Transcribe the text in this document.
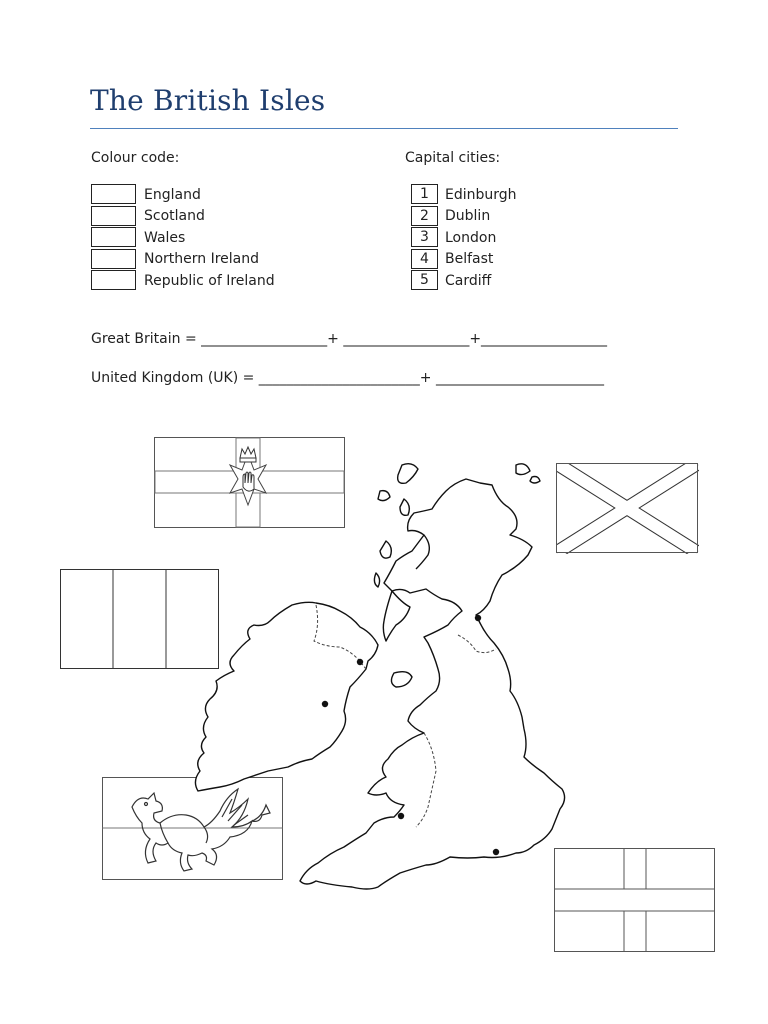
The British Isles
Colour code:	Capital cities:
England
Scotland
Wales
Northern Ireland
Republic of Ireland
1	Edinburgh
2	Dublin
3	London
4	Belfast
5	Cardiff
Great Britain = __________________+ __________________+__________________
United Kingdom (UK) = _______________________+ ________________________
